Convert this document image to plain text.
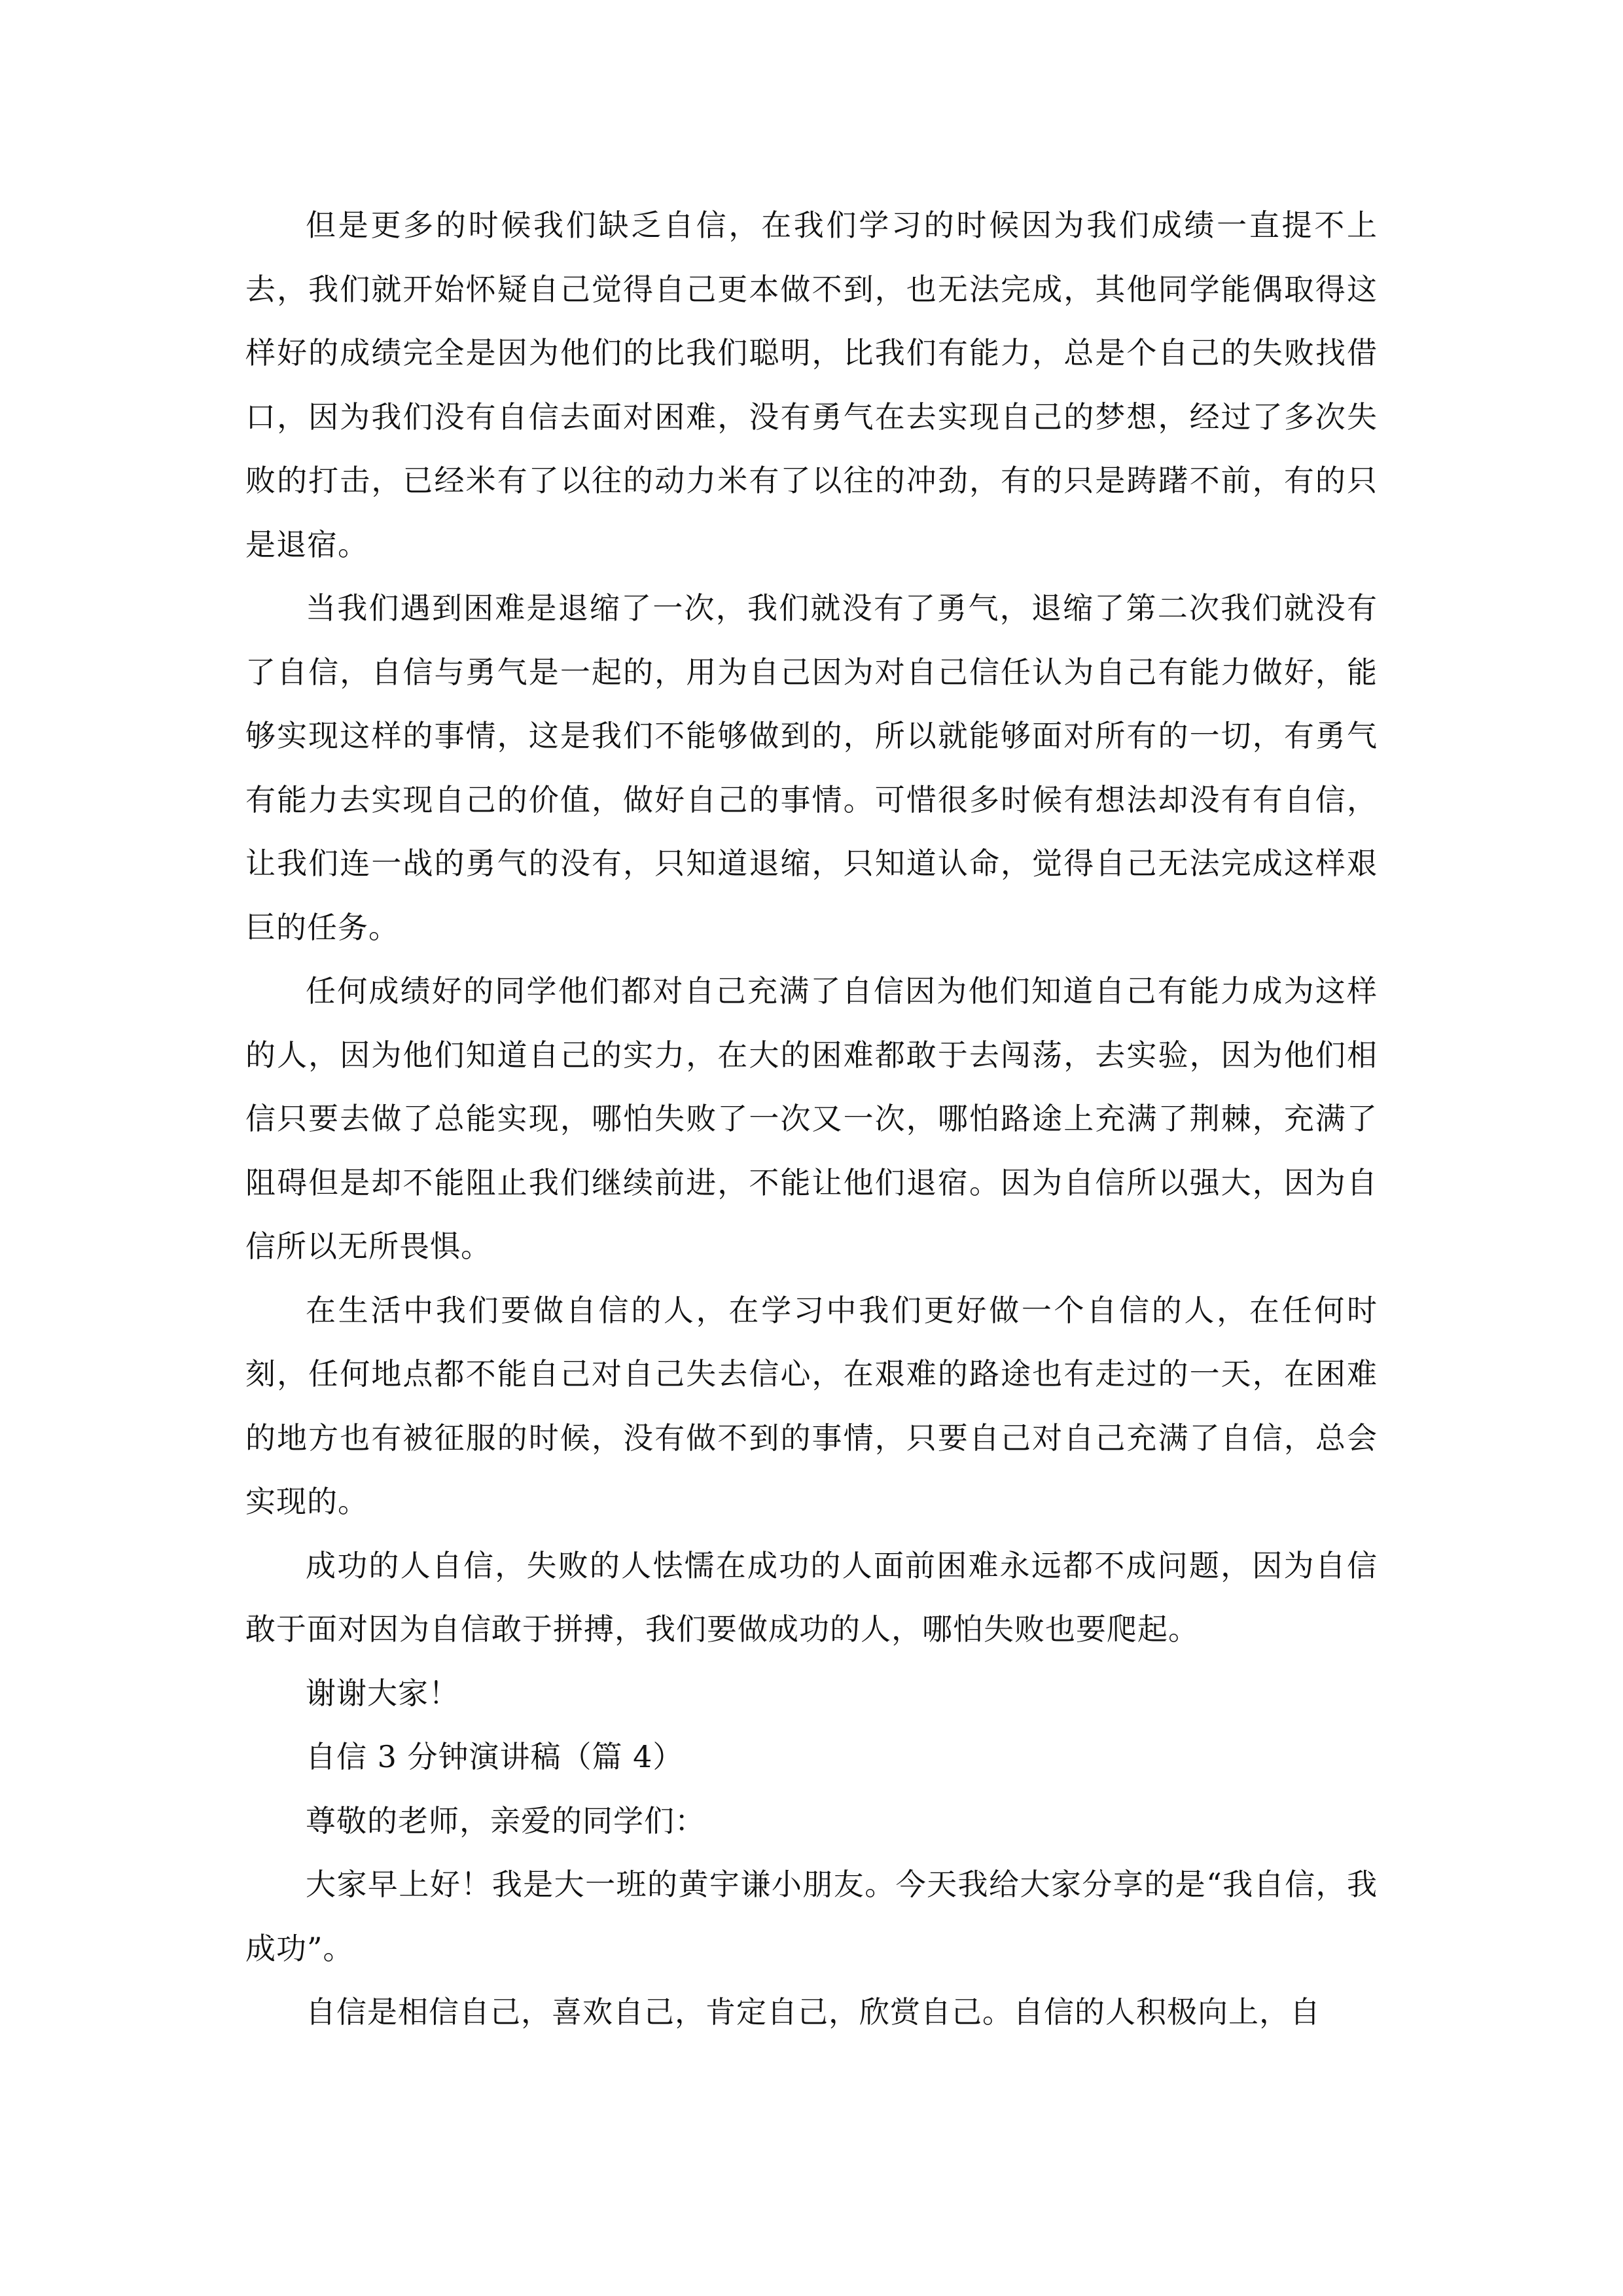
但是更多的时候我们缺乏自信，在我们学习的时候因为我们成绩一直提不上去，我们就开始怀疑自己觉得自己更本做不到，也无法完成，其他同学能偶取得这样好的成绩完全是因为他们的比我们聪明，比我们有能力，总是个自己的失败找借口，因为我们没有自信去面对困难，没有勇气在去实现自己的梦想，经过了多次失败的打击，已经米有了以往的动力米有了以往的冲劲，有的只是踌躇不前，有的只是退宿。

当我们遇到困难是退缩了一次，我们就没有了勇气，退缩了第二次我们就没有了自信，自信与勇气是一起的，用为自己因为对自己信任认为自己有能力做好，能够实现这样的事情，这是我们不能够做到的，所以就能够面对所有的一切，有勇气有能力去实现自己的价值，做好自己的事情。可惜很多时候有想法却没有有自信，让我们连一战的勇气的没有，只知道退缩，只知道认命，觉得自己无法完成这样艰巨的任务。

任何成绩好的同学他们都对自己充满了自信因为他们知道自己有能力成为这样的人，因为他们知道自己的实力，在大的困难都敢于去闯荡，去实验，因为他们相信只要去做了总能实现，哪怕失败了一次又一次，哪怕路途上充满了荆棘，充满了阻碍但是却不能阻止我们继续前进，不能让他们退宿。因为自信所以强大，因为自信所以无所畏惧。

在生活中我们要做自信的人，在学习中我们更好做一个自信的人，在任何时刻，任何地点都不能自己对自己失去信心，在艰难的路途也有走过的一天，在困难的地方也有被征服的时候，没有做不到的事情，只要自己对自己充满了自信，总会实现的。

成功的人自信，失败的人怯懦在成功的人面前困难永远都不成问题，因为自信敢于面对因为自信敢于拼搏，我们要做成功的人，哪怕失败也要爬起。

谢谢大家！

自信 3 分钟演讲稿（篇 4）

尊敬的老师，亲爱的同学们：

大家早上好！我是大一班的黄宇谦小朋友。今天我给大家分享的是“我自信，我成功”。

自信是相信自己，喜欢自己，肯定自己，欣赏自己。自信的人积极向上，自
